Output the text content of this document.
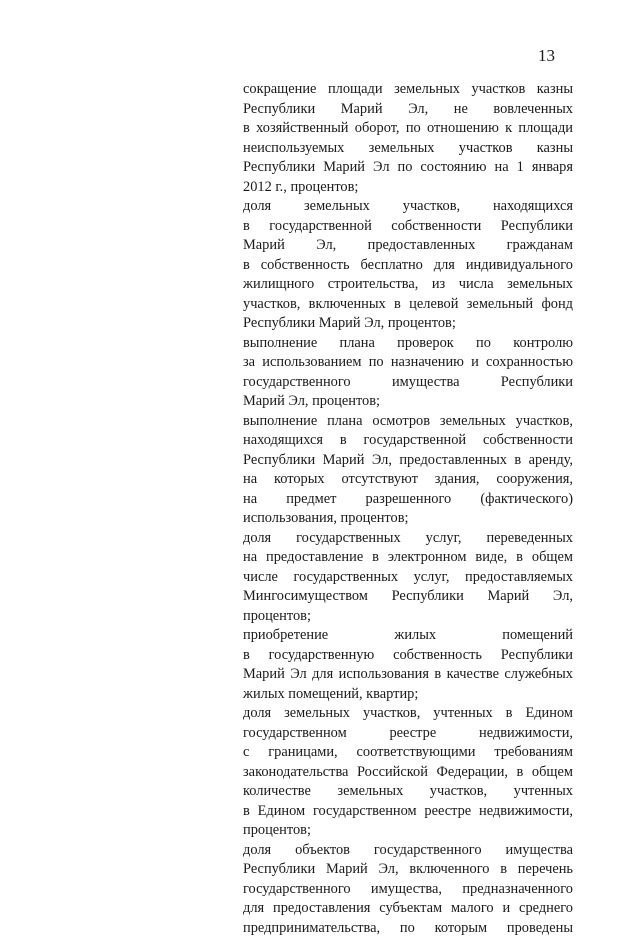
13
сокращение площади земельных участков казны
Республики Марий Эл, не вовлеченных
в хозяйственный оборот, по отношению к площади
неиспользуемых земельных участков казны
Республики Марий Эл по состоянию на 1 января
2012 г., процентов;
доля земельных участков, находящихся
в государственной собственности Республики
Марий Эл, предоставленных гражданам
в собственность бесплатно для индивидуального
жилищного строительства, из числа земельных
участков, включенных в целевой земельный фонд
Республики Марий Эл, процентов;
выполнение плана проверок по контролю
за использованием по назначению и сохранностью
государственного имущества Республики
Марий Эл, процентов;
выполнение плана осмотров земельных участков,
находящихся в государственной собственности
Республики Марий Эл, предоставленных в аренду,
на которых отсутствуют здания, сооружения,
на предмет разрешенного (фактического)
использования, процентов;
доля государственных услуг, переведенных
на предоставление в электронном виде, в общем
числе государственных услуг, предоставляемых
Мингосимуществом Республики Марий Эл,
процентов;
приобретение жилых помещений
в государственную собственность Республики
Марий Эл для использования в качестве служебных
жилых помещений, квартир;
доля земельных участков, учтенных в Едином
государственном реестре недвижимости,
с границами, соответствующими требованиям
законодательства Российской Федерации, в общем
количестве земельных участков, учтенных
в Едином государственном реестре недвижимости,
процентов;
доля объектов государственного имущества
Республики Марий Эл, включенного в перечень
государственного имущества, предназначенного
для предоставления субъектам малого и среднего
предпринимательства, по которым проведены
